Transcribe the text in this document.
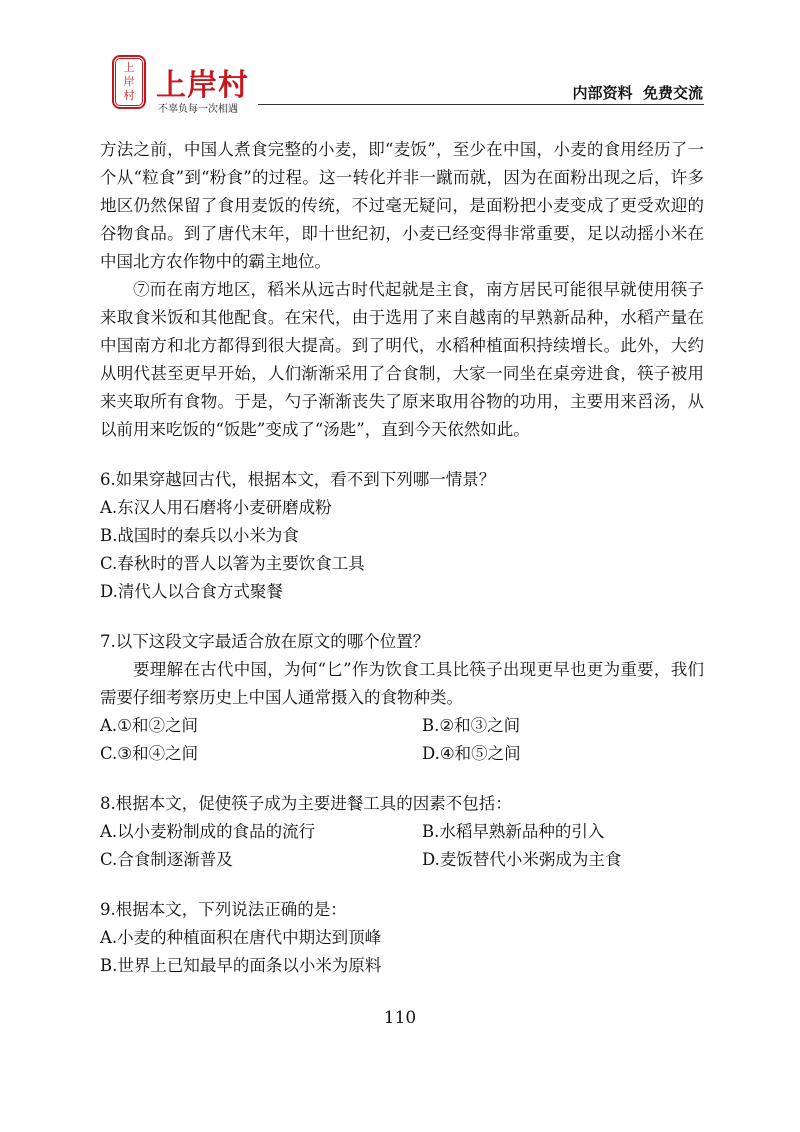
上
岸
村 上岸村
不辜负每一次相遇
内部资料  免费交流

方法之前，中国人煮食完整的小麦，即“麦饭”，至少在中国，小麦的食用经历了一个从“粒食”到“粉食”的过程。这一转化并非一蹴而就，因为在面粉出现之后，许多地区仍然保留了食用麦饭的传统，不过毫无疑问，是面粉把小麦变成了更受欢迎的谷物食品。到了唐代末年，即十世纪初，小麦已经变得非常重要，足以动摇小米在中国北方农作物中的霸主地位。

⑦而在南方地区，稻米从远古时代起就是主食，南方居民可能很早就使用筷子来取食米饭和其他配食。在宋代，由于选用了来自越南的早熟新品种，水稻产量在中国南方和北方都得到很大提高。到了明代，水稻种植面积持续增长。此外，大约从明代甚至更早开始，人们渐渐采用了合食制，大家一同坐在桌旁进食，筷子被用来夹取所有食物。于是，勺子渐渐丧失了原来取用谷物的功用，主要用来舀汤，从以前用来吃饭的“饭匙”变成了“汤匙”，直到今天依然如此。

6.如果穿越回古代，根据本文，看不到下列哪一情景？

A.东汉人用石磨将小麦研磨成粉

B.战国时的秦兵以小米为食

C.春秋时的晋人以箸为主要饮食工具

D.清代人以合食方式聚餐

7.以下这段文字最适合放在原文的哪个位置？

要理解在古代中国，为何“匕”作为饮食工具比筷子出现更早也更为重要，我们需要仔细考察历史上中国人通常摄入的食物种类。

A.①和②之间	B.②和③之间

C.③和④之间	D.④和⑤之间

8.根据本文，促使筷子成为主要进餐工具的因素不包括：

A.以小麦粉制成的食品的流行	B.水稻早熟新品种的引入

C.合食制逐渐普及	D.麦饭替代小米粥成为主食

9.根据本文，下列说法正确的是：

A.小麦的种植面积在唐代中期达到顶峰

B.世界上已知最早的面条以小米为原料

110
